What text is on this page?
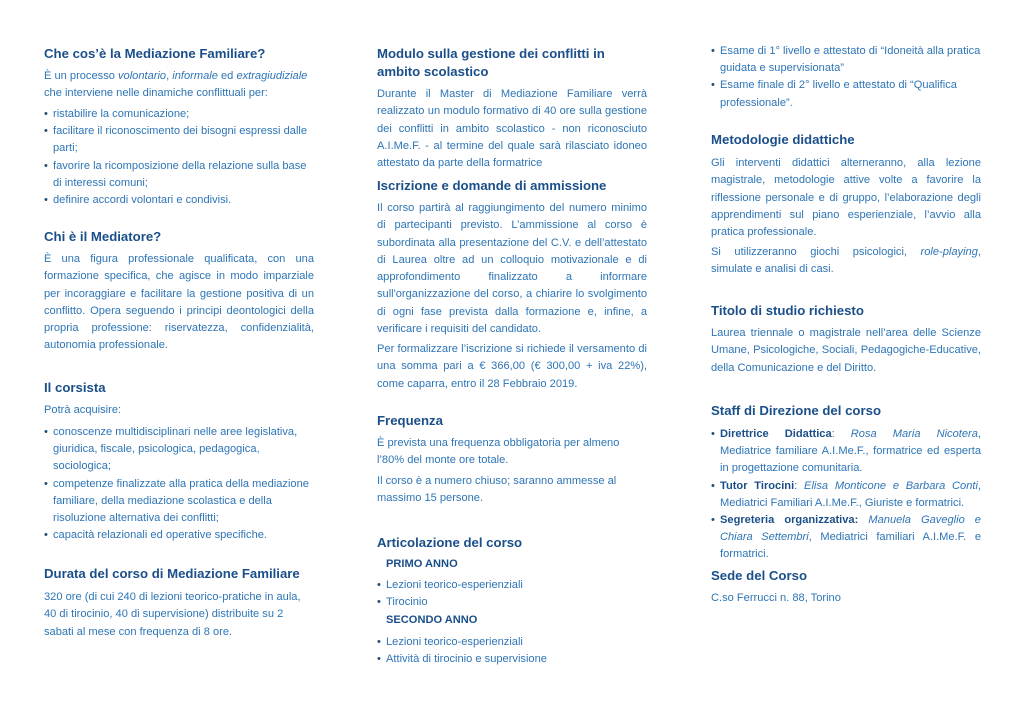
Che cos’è la Mediazione Familiare?

È un processo volontario, informale ed extragiudiziale che interviene nelle dinamiche conflittuali per:

• ristabilire la comunicazione;
• facilitare il riconoscimento dei bisogni espressi dalle parti;
• favorire la ricomposizione della relazione sulla base di interessi comuni;
• definire accordi volontari e condivisi.
Chi è il Mediatore?

È una figura professionale qualificata, con una formazione specifica, che agisce in modo imparziale per incoraggiare e facilitare la gestione positiva di un conflitto. Opera seguendo i principi deontologici della propria professione: riservatezza, confidenzialità, autonomia professionale.

Il corsista

Potrà acquisire:

• conoscenze multidisciplinari nelle aree legislativa, giuridica, fiscale, psicologica, pedagogica, sociologica;
• competenze finalizzate alla pratica della mediazione familiare, della mediazione scolastica e della risoluzione alternativa dei conflitti;
• capacità relazionali ed operative specifiche.
Durata del corso di Mediazione Familiare

320 ore (di cui 240 di lezioni teorico-pratiche in aula, 40 di tirocinio, 40 di supervisione) distribuite su 2 sabati al mese con frequenza di 8 ore.

Modulo sulla gestione dei conflitti in ambito scolastico

Durante il Master di Mediazione Familiare verrà realizzato un modulo formativo di 40 ore sulla gestione dei conflitti in ambito scolastico - non riconosciuto A.I.Me.F. - al termine del quale sarà rilasciato idoneo attestato da parte della formatrice

Iscrizione e domande di ammissione

Il corso partirà al raggiungimento del numero minimo di partecipanti previsto. L’ammissione al corso è subordinata alla presentazione del C.V. e dell’attestato di Laurea oltre ad un colloquio motivazionale e di approfondimento finalizzato a informare sull'organizzazione del corso, a chiarire lo svolgimento di ogni fase prevista dalla formazione e, infine, a verificare i requisiti del candidato.

Per formalizzare l’iscrizione si richiede il versamento di una somma pari a € 366,00 (€ 300,00 + iva 22%), come caparra, entro il 28 Febbraio 2019.

Frequenza

È prevista una frequenza obbligatoria per almeno l’80% del monte ore totale.

Il corso è a numero chiuso; saranno ammesse al massimo 15 persone.

Articolazione del corso
PRIMO ANNO
• Lezioni teorico-esperienziali
• Tirocinio
SECONDO ANNO
• Lezioni teorico-esperienziali
• Attività di tirocinio e supervisione
• Esame di 1° livello e attestato di “Idoneità alla pratica guidata e supervisionata”
• Esame finale di 2° livello e attestato di “Qualifica professionale”.
Metodologie didattiche

Gli interventi didattici alterneranno, alla lezione magistrale, metodologie attive volte a favorire la riflessione personale e di gruppo, l’elaborazione degli apprendimenti sul piano esperienziale, l’avvio alla pratica professionale.

Si utilizzeranno giochi psicologici, role-playing, simulate e analisi di casi.

Titolo di studio richiesto

Laurea triennale o magistrale nell’area delle Scienze Umane, Psicologiche, Sociali, Pedagogiche-Educative, della Comunicazione e del Diritto.

Staff di Direzione del corso
• Direttrice Didattica: Rosa Maria Nicotera, Mediatrice familiare A.I.Me.F., formatrice ed esperta in progettazione comunitaria.
• Tutor Tirocini: Elisa Monticone e Barbara Conti, Mediatrici Familiari A.I.Me.F., Giuriste e formatrici.
• Segreteria organizzativa: Manuela Gaveglio e Chiara Settembri, Mediatrici familiari A.I.Me.F. e formatrici.
Sede del Corso

C.so Ferrucci n. 88, Torino
